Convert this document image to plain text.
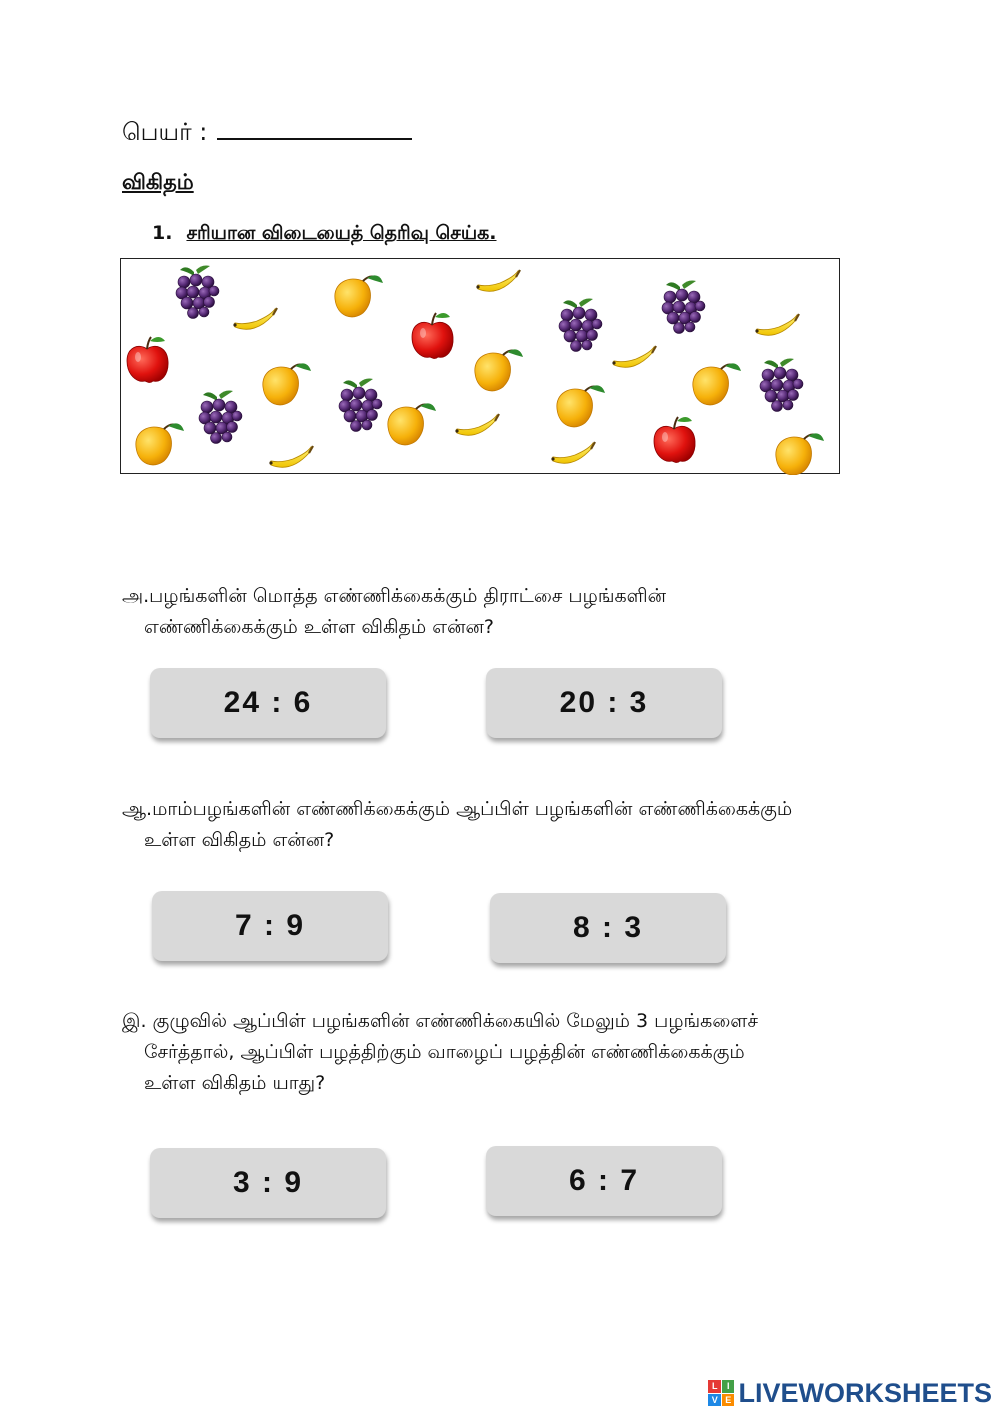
பெயர் :
விகிதம்
1. சரியான விடையைத் தெரிவு செய்க.
அ.பழங்களின் மொத்த எண்ணிக்கைக்கும் திராட்சை பழங்களின்
எண்ணிக்கைக்கும் உள்ள விகிதம் என்ன?
24 : 6	20 : 3
ஆ.மாம்பழங்களின் எண்ணிக்கைக்கும் ஆப்பிள் பழங்களின் எண்ணிக்கைக்கும்
உள்ள விகிதம் என்ன?
7 : 9	8 : 3
இ. குழுவில் ஆப்பிள் பழங்களின் எண்ணிக்கையில் மேலும் 3 பழங்களைச்
சேர்த்தால், ஆப்பிள் பழத்திற்கும் வாழைப் பழத்தின் எண்ணிக்கைக்கும்
உள்ள விகிதம் யாது?
3 : 9	6 : 7
L	I
V E LIVEWORKSHEETS
